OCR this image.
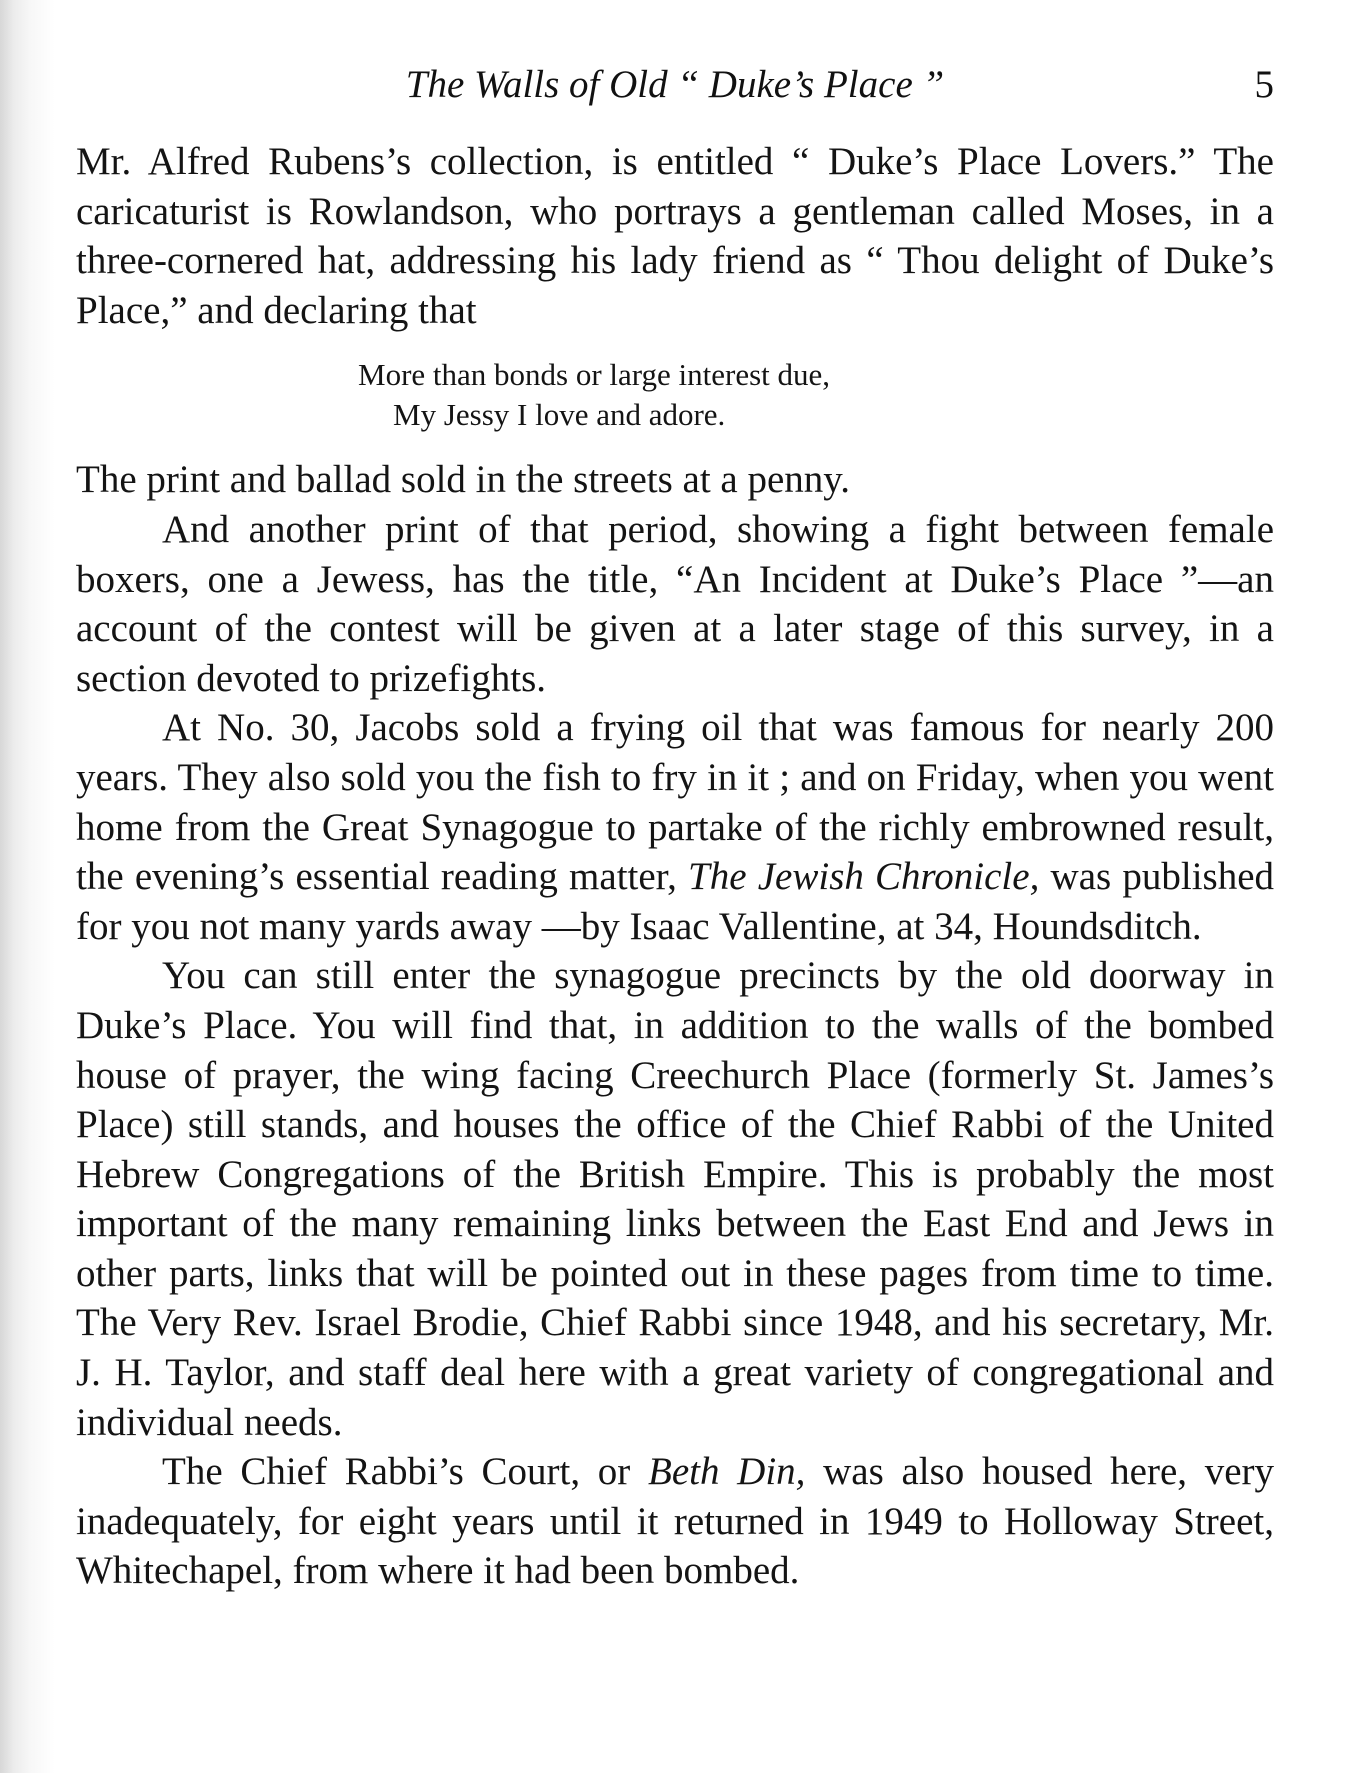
The Walls of Old “ Duke’s Place ”	5

Mr. Alfred Rubens’s collection, is entitled “ Duke’s Place Lovers.” The caricaturist is Rowlandson, who portrays a gentleman called Moses, in a three-cornered hat, addressing his lady friend as “ Thou delight of Duke’s Place,” and declaring that

More than bonds or large interest due,
My Jessy I love and adore.

The print and ballad sold in the streets at a penny.

And another print of that period, showing a fight between female boxers, one a Jewess, has the title, “An Incident at Duke’s Place ”—an account of the contest will be given at a later stage of this survey, in a section devoted to prizefights.

At No. 30, Jacobs sold a frying oil that was famous for nearly 200 years. They also sold you the fish to fry in it ; and on Friday, when you went home from the Great Synagogue to partake of the richly embrowned result, the evening’s essential reading matter, The Jewish Chronicle, was published for you not many yards away —by Isaac Vallentine, at 34, Houndsditch.

You can still enter the synagogue precincts by the old doorway in Duke’s Place. You will find that, in addition to the walls of the bombed house of prayer, the wing facing Creechurch Place (formerly St. James’s Place) still stands, and houses the office of the Chief Rabbi of the United Hebrew Congregations of the British Empire. This is probably the most important of the many remaining links between the East End and Jews in other parts, links that will be pointed out in these pages from time to time. The Very Rev. Israel Brodie, Chief Rabbi since 1948, and his secretary, Mr. J. H. Taylor, and staff deal here with a great variety of congregational and individual needs.

The Chief Rabbi’s Court, or Beth Din, was also housed here, very inadequately, for eight years until it returned in 1949 to Holloway Street, Whitechapel, from where it had been bombed.
